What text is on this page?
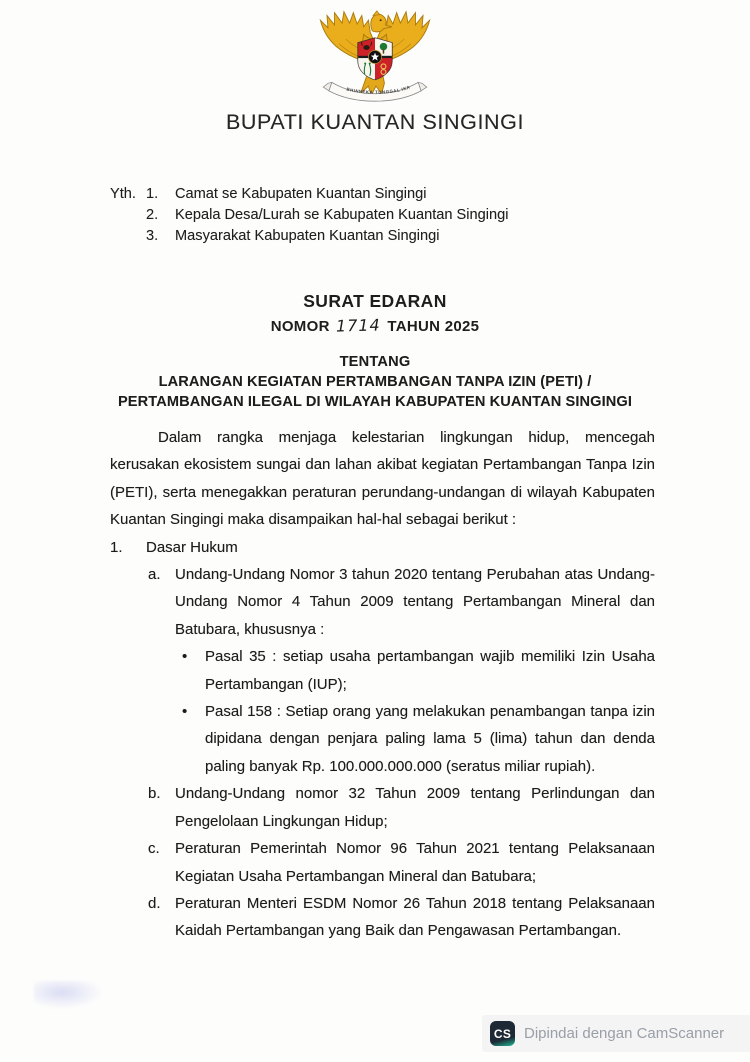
BHINNEKA TUNGGAL IKA
BUPATI KUANTAN SINGINGI
Yth. 1.	Camat se Kabupaten Kuantan Singingi
2.	Kepala Desa/Lurah se Kabupaten Kuantan Singingi
3.	Masyarakat Kabupaten Kuantan Singingi
SURAT EDARAN
NOMOR 1714 TAHUN 2025
TENTANG
LARANGAN KEGIATAN PERTAMBANGAN TANPA IZIN (PETI) /
PERTAMBANGAN ILEGAL DI WILAYAH KABUPATEN KUANTAN SINGINGI

Dalam rangka menjaga kelestarian lingkungan hidup, mencegah kerusakan ekosistem sungai dan lahan akibat kegiatan Pertambangan Tanpa Izin (PETI), serta menegakkan peraturan perundang-undangan di wilayah Kabupaten Kuantan Singingi maka disampaikan hal-hal sebagai berikut :

1.	Dasar Hukum
a. Undang-Undang Nomor 3 tahun 2020 tentang Perubahan atas Undang-Undang Nomor 4 Tahun 2009 tentang Pertambangan Mineral dan Batubara, khususnya :
•	Pasal 35 : setiap usaha pertambangan wajib memiliki Izin Usaha Pertambangan (IUP);
•	Pasal 158 : Setiap orang yang melakukan penambangan tanpa izin dipidana dengan penjara paling lama 5 (lima) tahun dan denda paling banyak Rp. 100.000.000.000 (seratus miliar rupiah).
b. Undang-Undang nomor 32 Tahun 2009 tentang Perlindungan dan Pengelolaan Lingkungan Hidup;
c.	Peraturan Pemerintah Nomor 96 Tahun 2021 tentang Pelaksanaan Kegiatan Usaha Pertambangan Mineral dan Batubara;
d. Peraturan Menteri ESDM Nomor 26 Tahun 2018 tentang Pelaksanaan Kaidah Pertambangan yang Baik dan Pengawasan Pertambangan.
CS Dipindai dengan CamScanner
